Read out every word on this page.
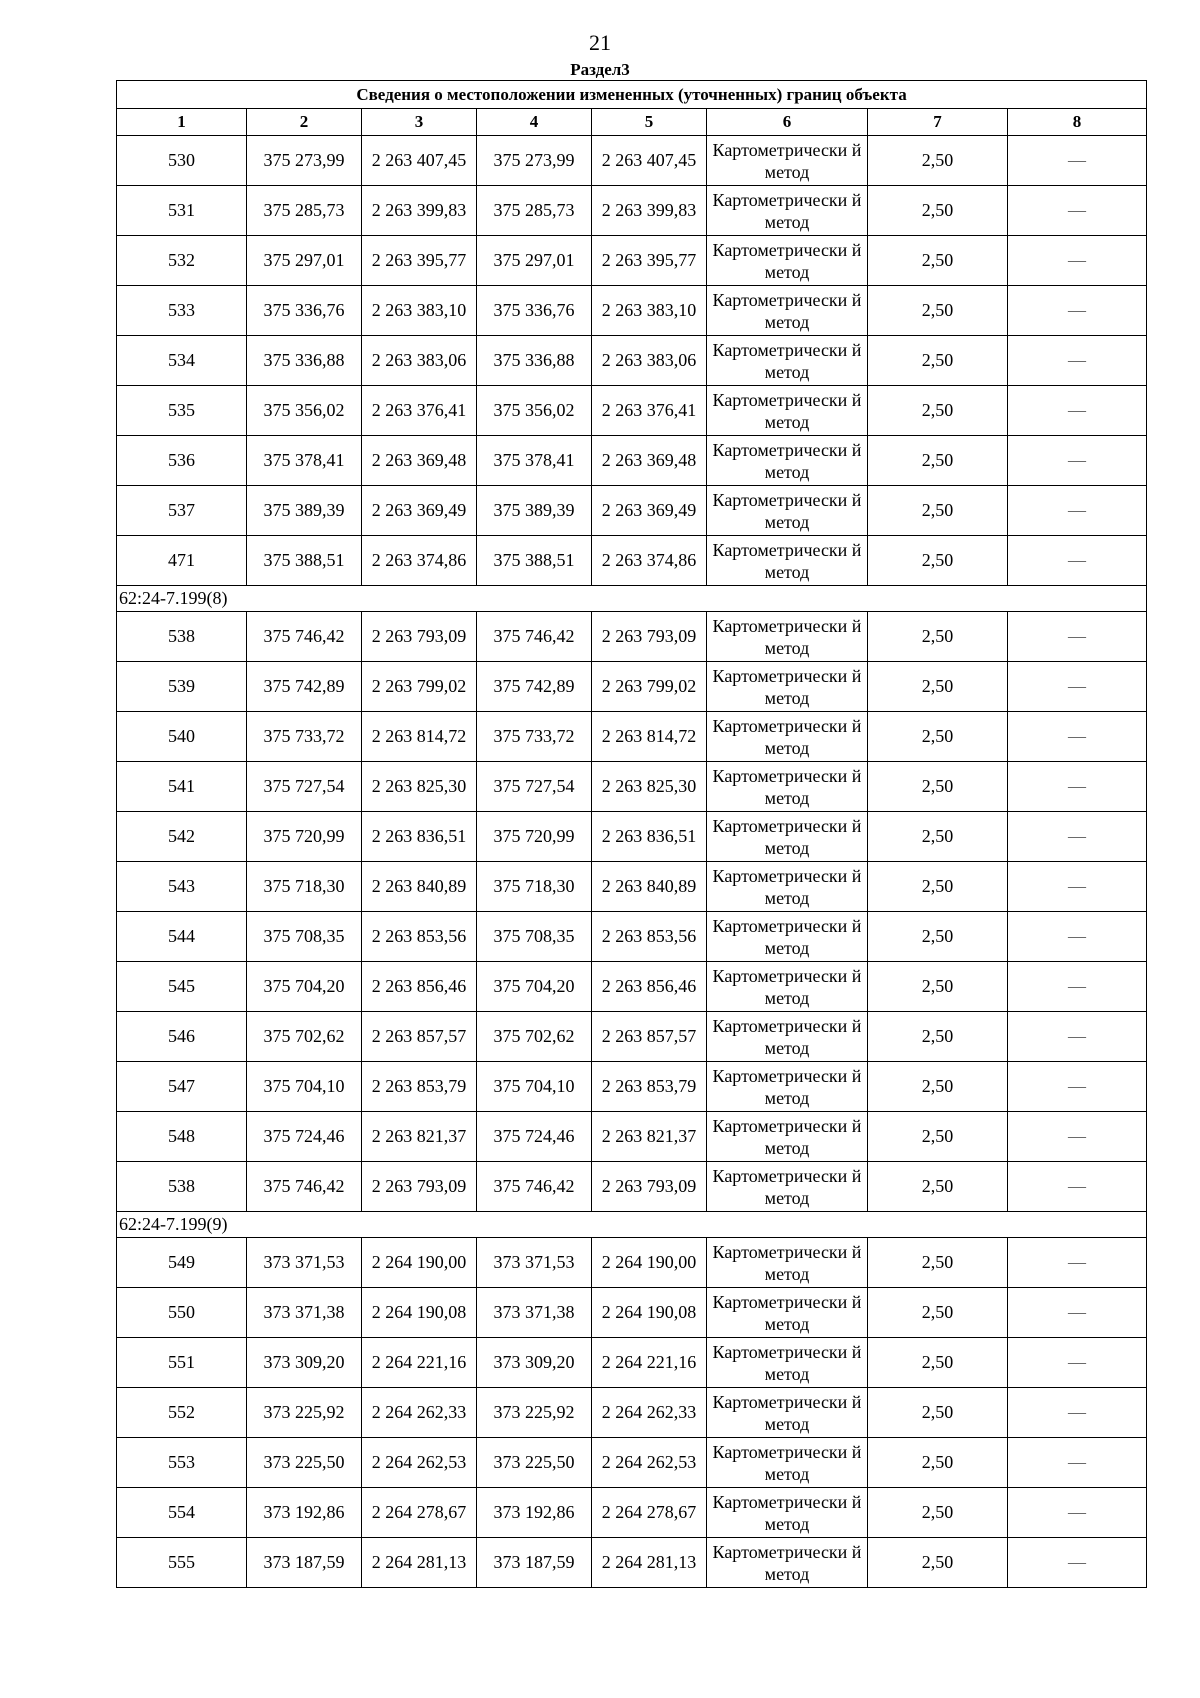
21
Раздел3
Сведения о местоположении измененных (уточненных) границ объекта							
1	2	3	4	5	6	7	8
530	375 273,99	2 263 407,45	375 273,99	2 263 407,45	Картометрически й метод	2,50	—
531	375 285,73	2 263 399,83	375 285,73	2 263 399,83	Картометрически й метод	2,50	—
532	375 297,01	2 263 395,77	375 297,01	2 263 395,77	Картометрически й метод	2,50	—
533	375 336,76	2 263 383,10	375 336,76	2 263 383,10	Картометрически й метод	2,50	—
534	375 336,88	2 263 383,06	375 336,88	2 263 383,06	Картометрически й метод	2,50	—
535	375 356,02	2 263 376,41	375 356,02	2 263 376,41	Картометрически й метод	2,50	—
536	375 378,41	2 263 369,48	375 378,41	2 263 369,48	Картометрически й метод	2,50	—
537	375 389,39	2 263 369,49	375 389,39	2 263 369,49	Картометрически й метод	2,50	—
471	375 388,51	2 263 374,86	375 388,51	2 263 374,86	Картометрически й метод	2,50	—
62:24-7.199(8)							
538	375 746,42	2 263 793,09	375 746,42	2 263 793,09	Картометрически й метод	2,50	—
539	375 742,89	2 263 799,02	375 742,89	2 263 799,02	Картометрически й метод	2,50	—
540	375 733,72	2 263 814,72	375 733,72	2 263 814,72	Картометрически й метод	2,50	—
541	375 727,54	2 263 825,30	375 727,54	2 263 825,30	Картометрически й метод	2,50	—
542	375 720,99	2 263 836,51	375 720,99	2 263 836,51	Картометрически й метод	2,50	—
543	375 718,30	2 263 840,89	375 718,30	2 263 840,89	Картометрически й метод	2,50	—
544	375 708,35	2 263 853,56	375 708,35	2 263 853,56	Картометрически й метод	2,50	—
545	375 704,20	2 263 856,46	375 704,20	2 263 856,46	Картометрически й метод	2,50	—
546	375 702,62	2 263 857,57	375 702,62	2 263 857,57	Картометрически й метод	2,50	—
547	375 704,10	2 263 853,79	375 704,10	2 263 853,79	Картометрически й метод	2,50	—
548	375 724,46	2 263 821,37	375 724,46	2 263 821,37	Картометрически й метод	2,50	—
538	375 746,42	2 263 793,09	375 746,42	2 263 793,09	Картометрически й метод	2,50	—
62:24-7.199(9)							
549	373 371,53	2 264 190,00	373 371,53	2 264 190,00	Картометрически й метод	2,50	—
550	373 371,38	2 264 190,08	373 371,38	2 264 190,08	Картометрически й метод	2,50	—
551	373 309,20	2 264 221,16	373 309,20	2 264 221,16	Картометрически й метод	2,50	—
552	373 225,92	2 264 262,33	373 225,92	2 264 262,33	Картометрически й метод	2,50	—
553	373 225,50	2 264 262,53	373 225,50	2 264 262,53	Картометрически й метод	2,50	—
554	373 192,86	2 264 278,67	373 192,86	2 264 278,67	Картометрически й метод	2,50	—
555	373 187,59	2 264 281,13	373 187,59	2 264 281,13	Картометрически й метод	2,50	—
